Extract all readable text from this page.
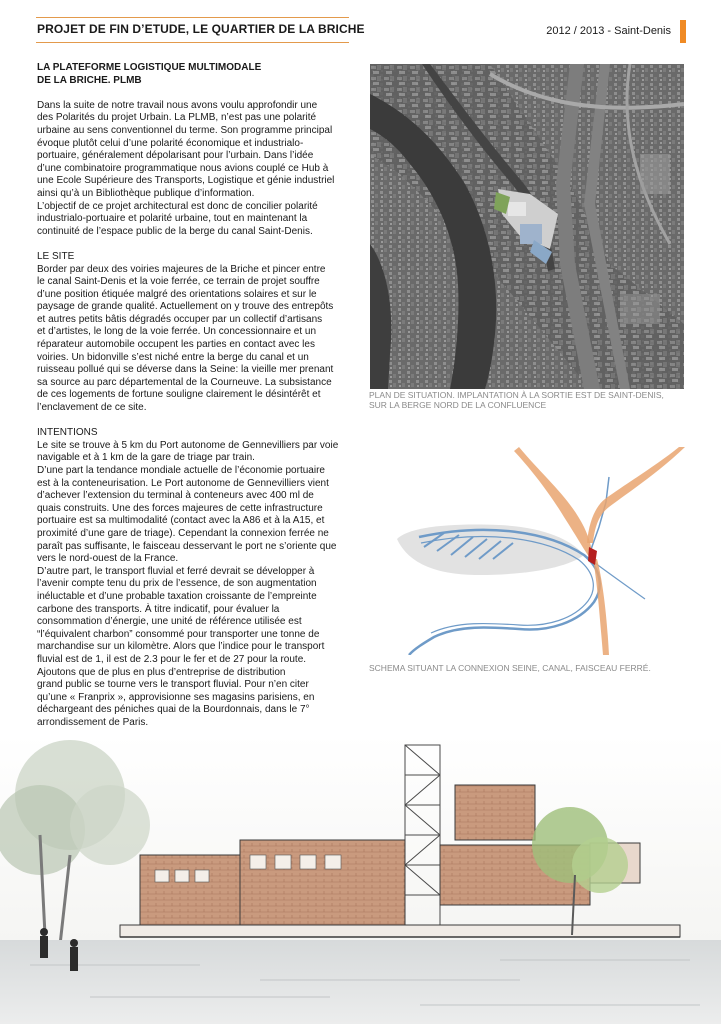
PROJET DE FIN D’ETUDE, LE QUARTIER DE LA BRICHE	2012 / 2013 - Saint-Denis
LA PLATEFORME LOGISTIQUE MULTIMODALE
DE LA BRICHE. PLMB
Dans la suite de notre travail nous avons voulu approfondir une
des Polarités du projet Urbain. La PLMB, n’est pas une polarité
urbaine au sens conventionnel du terme. Son programme principal
évoque plutôt celui d’une polarité économique et industrialo-
portuaire, généralement dépolarisant pour l’urbain. Dans l’idée
d’une combinatoire programmatique nous avions couplé ce Hub à
une Ecole Supérieure des Transports, Logistique et génie industriel
ainsi qu’à un Bibliothèque publique d’information.
L’objectif de ce projet architectural est donc de concilier polarité
industrialo-portuaire et polarité urbaine, tout en maintenant la
continuité de l’espace public de la berge du canal Saint-Denis.
LE SITE
Border par deux des voiries majeures de la Briche et pincer entre
le canal Saint-Denis et la voie ferrée, ce terrain de projet souffre
d’une position étiquée malgré des orientations solaires et sur le
paysage de grande qualité. Actuellement on y trouve des entrepôts
et autres petits bâtis dégradés occuper par un collectif d’artisans
et d’artistes, le long de la voie ferrée. Un concessionnaire et un
réparateur automobile occupent les parties en contact avec les
voiries. Un bidonville s’est niché entre la berge du canal et un
ruisseau pollué qui se déverse dans la Seine: la vieille mer prenant
sa source au parc départemental de la Courneuve. La subsistance
de ces logements de fortune souligne clairement le désintérêt et
l’enclavement de ce site.
INTENTIONS
Le site se trouve à 5 km du Port autonome de Gennevilliers par voie
navigable et à 1 km de la gare de triage par train.
D’une part la tendance mondiale actuelle de l’économie portuaire
est à la conteneurisation. Le Port autonome de Gennevilliers vient
d’achever l’extension du terminal à conteneurs avec 400 ml de
quais construits. Une des forces majeures de cette infrastructure
portuaire est sa multimodalité (contact avec la A86 et à la A15, et
proximité d’une gare de triage). Cependant la connexion ferrée ne
paraît pas suffisante, le faisceau desservant le port ne s’oriente que
vers le nord-ouest de la France.
D’autre part, le transport fluvial et ferré devrait se développer à
l’avenir compte tenu du prix de l’essence, de son augmentation
inéluctable et d’une probable taxation croissante de l’empreinte
carbone des transports. À titre indicatif, pour évaluer la
consommation d’énergie, une unité de référence utilisée est
“l’équivalent charbon” consommé pour transporter une tonne de
marchandise sur un kilomètre. Alors que l’indice pour le transport
fluvial est de 1, il est de 2.3 pour le fer et de 27 pour la route.
Ajoutons que de plus en plus d’entreprise de distribution
grand public se tourne vers le transport fluvial. Pour n’en citer
qu’une « Franprix », approvisionne ses magasins parisiens, en
déchargeant des péniches quai de la Bourdonnais, dans le 7°
arrondissement de Paris.
PLAN DE SITUATION. IMPLANTATION À LA SORTIE EST DE SAINT-DENIS,
SUR LA BERGE NORD DE LA CONFLUENCE
SCHEMA SITUANT LA CONNEXION SEINE, CANAL, FAISCEAU FERRÉ.
